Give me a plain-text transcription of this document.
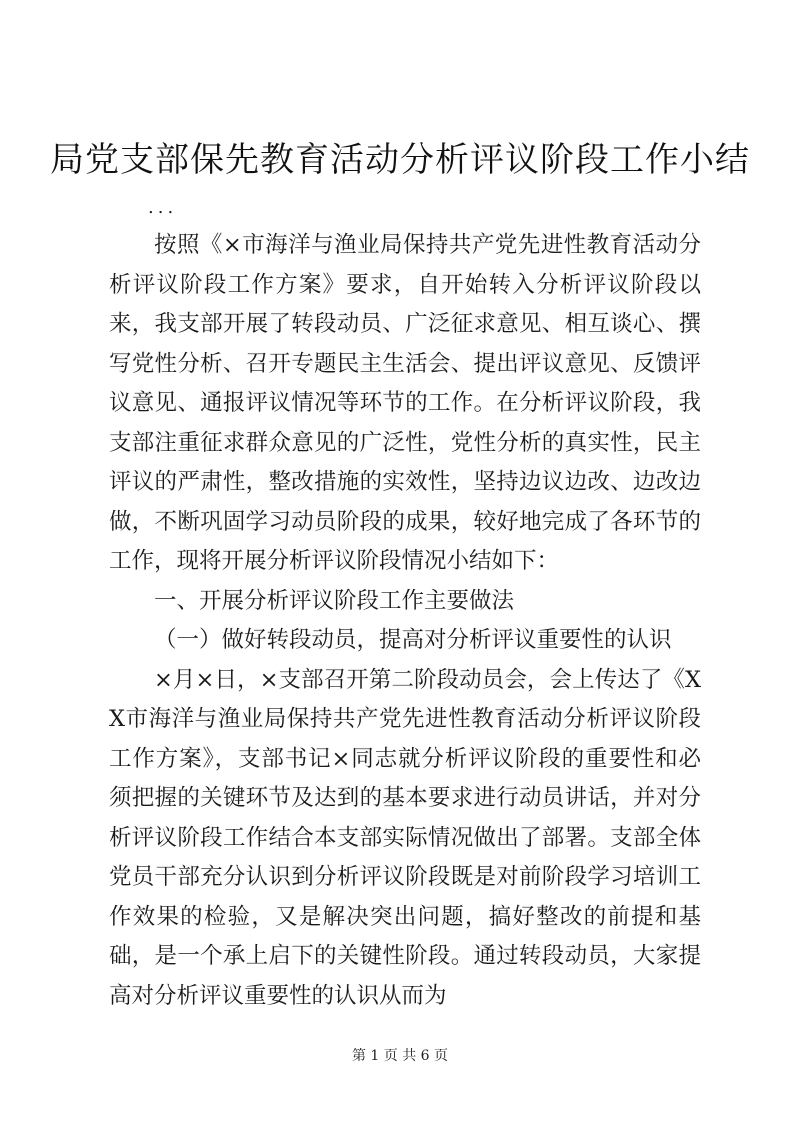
局党支部保先教育活动分析评议阶段工作小结
...

按照《×市海洋与渔业局保持共产党先进性教育活动分析评议阶段工作方案》要求，自开始转入分析评议阶段以来，我支部开展了转段动员、广泛征求意见、相互谈心、撰写党性分析、召开专题民主生活会、提出评议意见、反馈评议意见、通报评议情况等环节的工作。在分析评议阶段，我支部注重征求群众意见的广泛性，党性分析的真实性，民主评议的严肃性，整改措施的实效性，坚持边议边改、边改边做，不断巩固学习动员阶段的成果，较好地完成了各环节的工作，现将开展分析评议阶段情况小结如下：

一、开展分析评议阶段工作主要做法

（一）做好转段动员，提高对分析评议重要性的认识

×月×日，×支部召开第二阶段动员会，会上传达了《XX市海洋与渔业局保持共产党先进性教育活动分析评议阶段工作方案》，支部书记×同志就分析评议阶段的重要性和必须把握的关键环节及达到的基本要求进行动员讲话，并对分析评议阶段工作结合本支部实际情况做出了部署。支部全体党员干部充分认识到分析评议阶段既是对前阶段学习培训工作效果的检验，又是解决突出问题，搞好整改的前提和基础，是一个承上启下的关键性阶段。通过转段动员，大家提高对分析评议重要性的认识从而为

第 1 页 共 6 页
